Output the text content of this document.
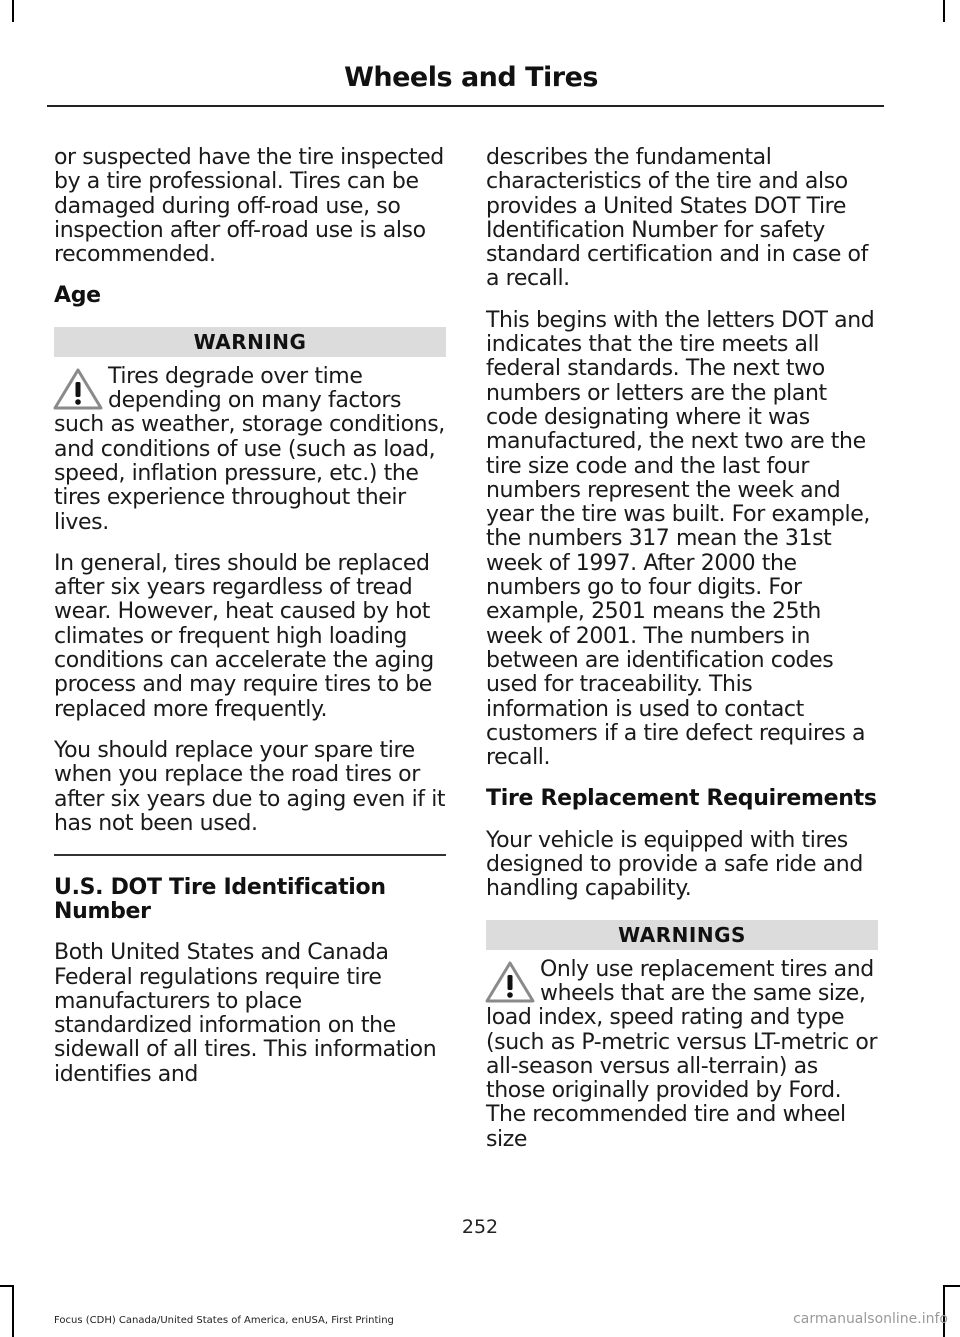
Wheels and Tires

or suspected have the tire inspected by a tire professional. Tires can be damaged during off-road use, so inspection after off-road use is also recommended.

Age
WARNING
Tires degrade over time depending on many factors such as weather, storage conditions, and conditions of use (such as load, speed, inflation pressure, etc.) the tires experience throughout their lives.

In general, tires should be replaced after six years regardless of tread wear. However, heat caused by hot climates or frequent high loading conditions can accelerate the aging process and may require tires to be replaced more frequently.

You should replace your spare tire when you replace the road tires or after six years due to aging even if it has not been used.

U.S. DOT Tire Identification Number

Both United States and Canada Federal regulations require tire manufacturers to place standardized information on the sidewall of all tires. This information identifies and

describes the fundamental characteristics of the tire and also provides a United States DOT Tire Identification Number for safety standard certification and in case of a recall.

This begins with the letters DOT and indicates that the tire meets all federal standards. The next two numbers or letters are the plant code designating where it was manufactured, the next two are the tire size code and the last four numbers represent the week and year the tire was built. For example, the numbers 317 mean the 31st week of 1997. After 2000 the numbers go to four digits. For example, 2501 means the 25th week of 2001. The numbers in between are identification codes used for traceability. This information is used to contact customers if a tire defect requires a recall.

Tire Replacement Requirements

Your vehicle is equipped with tires designed to provide a safe ride and handling capability.

WARNINGS
Only use replacement tires and wheels that are the same size, load index, speed rating and type (such as P-metric versus LT-metric or all-season versus all-terrain) as those originally provided by Ford. The recommended tire and wheel size
252
Focus (CDH) Canada/United States of America, enUSA, First Printing	carmanualsonline.info
